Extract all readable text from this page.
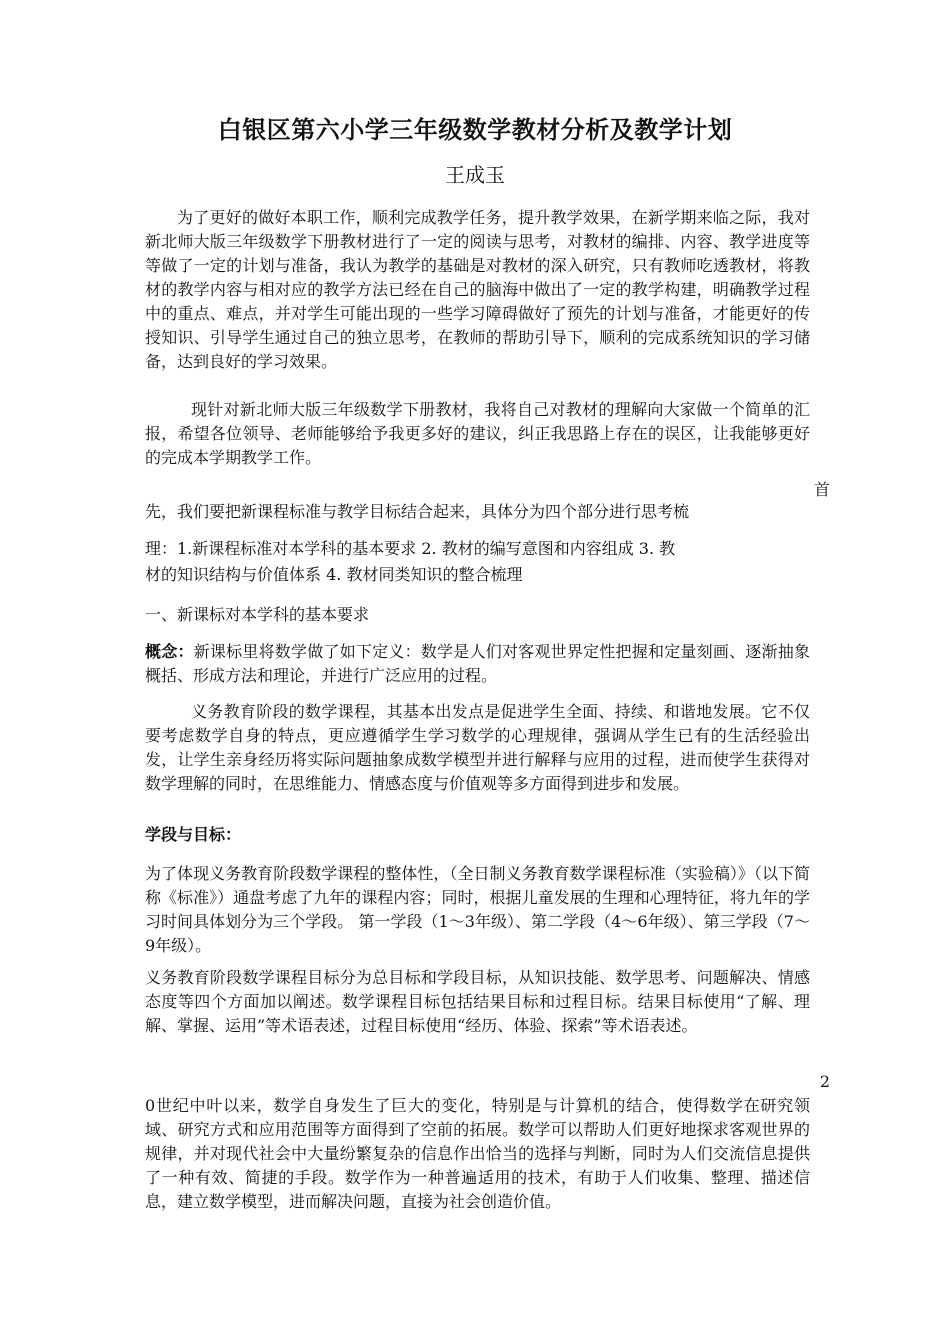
白银区第六小学三年级数学教材分析及教学计划
王成玉
为了更好的做好本职工作，顺利完成教学任务，提升教学效果，在新学期来临之际，我对新北师大版三年级数学下册教材进行了一定的阅读与思考，对教材的编排、内容、教学进度等等做了一定的计划与准备，我认为教学的基础是对教材的深入研究，只有教师吃透教材，将教材的教学内容与相对应的教学方法已经在自己的脑海中做出了一定的教学构建，明确教学过程中的重点、难点，并对学生可能出现的一些学习障碍做好了预先的计划与准备，才能更好的传授知识、引导学生通过自己的独立思考，在教师的帮助引导下，顺利的完成系统知识的学习储备，达到良好的学习效果。
现针对新北师大版三年级数学下册教材，我将自己对教材的理解向大家做一个简单的汇报，希望各位领导、老师能够给予我更多好的建议，纠正我思路上存在的误区，让我能够更好的完成本学期教学工作。
首
先，我们要把新课程标准与教学目标结合起来，具体分为四个部分进行思考梳
理：1.新课程标准对本学科的基本要求 2. 教材的编写意图和内容组成 3. 教
材的知识结构与价值体系 4. 教材同类知识的整合梳理
一、新课标对本学科的基本要求
概念：新课标里将数学做了如下定义：数学是人们对客观世界定性把握和定量刻画、逐渐抽象概括、形成方法和理论，并进行广泛应用的过程。
义务教育阶段的数学课程，其基本出发点是促进学生全面、持续、和谐地发展。它不仅要考虑数学自身的特点，更应遵循学生学习数学的心理规律，强调从学生已有的生活经验出发，让学生亲身经历将实际问题抽象成数学模型并进行解释与应用的过程，进而使学生获得对数学理解的同时，在思维能力、情感态度与价值观等多方面得到进步和发展。
学段与目标：
为了体现义务教育阶段数学课程的整体性，（全日制义务教育数学课程标准（实验稿）》（以下简称《标准》）通盘考虑了九年的课程内容；同时，根据儿童发展的生理和心理特征，将九年的学习时间具体划分为三个学段。 第一学段（1～3年级）、第二学段（4～6年级）、第三学段（7～9年级）。
义务教育阶段数学课程目标分为总目标和学段目标，从知识技能、数学思考、问题解决、情感态度等四个方面加以阐述。数学课程目标包括结果目标和过程目标。结果目标使用“了解、理解、掌握、运用”等术语表述，过程目标使用“经历、体验、探索”等术语表述。
2
0世纪中叶以来，数学自身发生了巨大的变化，特别是与计算机的结合，使得数学在研究领域、研究方式和应用范围等方面得到了空前的拓展。数学可以帮助人们更好地探求客观世界的规律，并对现代社会中大量纷繁复杂的信息作出恰当的选择与判断，同时为人们交流信息提供了一种有效、简捷的手段。数学作为一种普遍适用的技术，有助于人们收集、整理、描述信息，建立数学模型，进而解决问题，直接为社会创造价值。
